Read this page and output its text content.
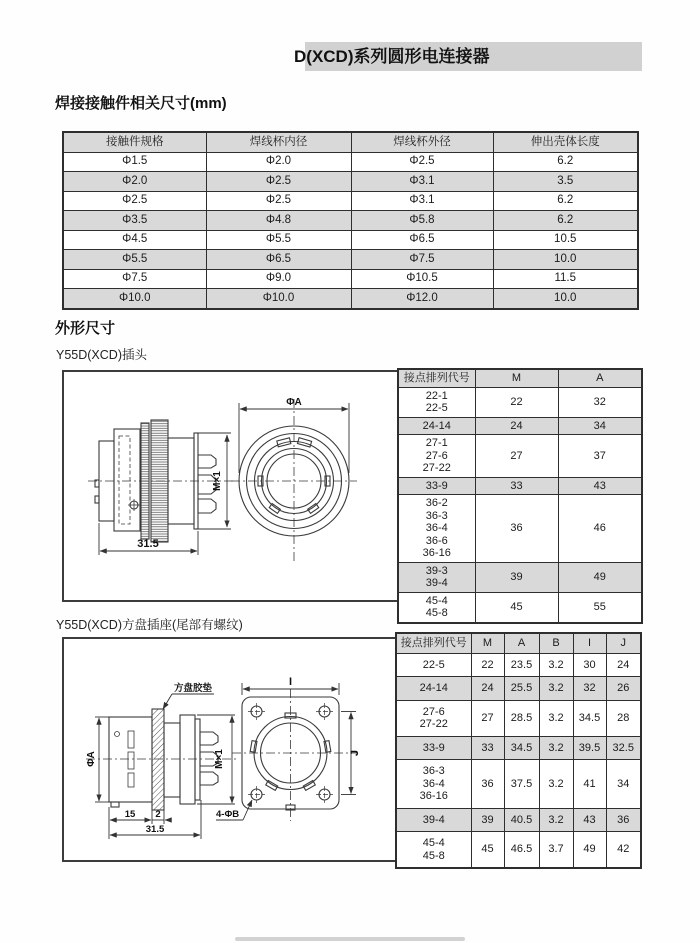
D(XCD)系列圆形电连接器
焊接接触件相关尺寸(mm)
接触件规格	焊线杯内径	焊线杯外径	伸出壳体长度
Φ1.5	Φ2.0	Φ2.5	6.2
Φ2.0	Φ2.5	Φ3.1	3.5
Φ2.5	Φ2.5	Φ3.1	6.2
Φ3.5	Φ4.8	Φ5.8	6.2
Φ4.5	Φ5.5	Φ6.5	10.5
Φ5.5	Φ6.5	Φ7.5	10.0
Φ7.5	Φ9.0	Φ10.5	11.5
Φ10.0	Φ10.0	Φ12.0	10.0
外形尺寸
Y55D(XCD)插头
M×1
31.5
ΦA
接点排列代号	M	A

22-1
22-5	22	32

24-14	24	34

27-1
27-6
27-22	27	37

33-9	33	43

36-2
36-3
36-4
36-6
36-16	36	46

39-3
39-4	39	49

45-4
45-8	45	55
Y55D(XCD)方盘插座(尾部有螺纹)
方盘胶垫
ΦA	M×1
15 2
31.5
I
J
4-ΦB
接点排列代号	M	A	B	I	J

22-5	22	23.5	3.2	30	24

24-14	24	25.5	3.2	32	26

27-6
27-22	27	28.5	3.2	34.5	28

33-9	33	34.5	3.2	39.5	32.5

36-3
36-4
36-16	36	37.5	3.2	41	34

39-4	39	40.5	3.2	43	36

45-4
45-8	45	46.5	3.7	49	42
